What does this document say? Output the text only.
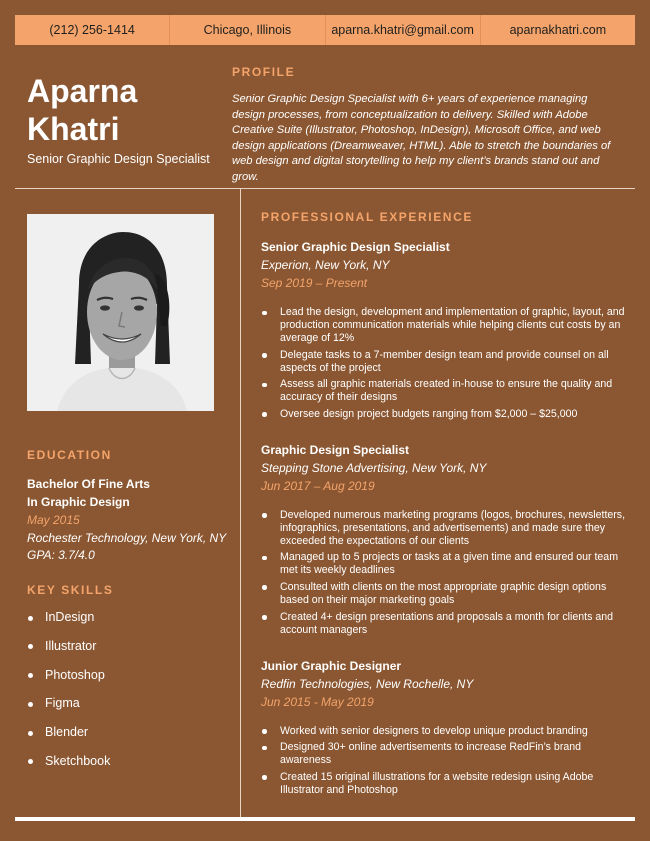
(212) 256-1414	Chicago, Illinois	aparna.khatri@gmail.com	aparnakhatri.com
Aparna
Khatri
Senior Graphic Design Specialist
PROFILE
Senior Graphic Design Specialist with 6+ years of experience managing design processes, from conceptualization to delivery. Skilled with Adobe Creative Suite (Illustrator, Photoshop, InDesign), Microsoft Office, and web design applications (Dreamweaver, HTML). Able to stretch the boundaries of web design and digital storytelling to help my client’s brands stand out and grow.
EDUCATION
Bachelor Of Fine Arts In Graphic Design
May 2015
Rochester Technology, New York, NY
GPA: 3.7/4.0
KEY SKILLS
InDesign
Illustrator
Photoshop
Figma
Blender
Sketchbook
PROFESSIONAL EXPERIENCE
Senior Graphic Design Specialist
Experion, New York, NY
Sep 2019 – Present
Lead the design, development and implementation of graphic, layout, and production communication materials while helping clients cut costs by an average of 12%
Delegate tasks to a 7-member design team and provide counsel on all aspects of the project
Assess all graphic materials created in-house to ensure the quality and accuracy of their designs
Oversee design project budgets ranging from $2,000 – $25,000
Graphic Design Specialist
Stepping Stone Advertising, New York, NY
Jun 2017 – Aug 2019
Developed numerous marketing programs (logos, brochures, newsletters, infographics, presentations, and advertisements) and made sure they exceeded the expectations of our clients
Managed up to 5 projects or tasks at a given time and ensured our team met its weekly deadlines
Consulted with clients on the most appropriate graphic design options based on their major marketing goals
Created 4+ design presentations and proposals a month for clients and account managers
Junior Graphic Designer
Redfin Technologies, New Rochelle, NY
Jun 2015 - May 2019
Worked with senior designers to develop unique product branding
Designed 30+ online advertisements to increase RedFin’s brand awareness
Created 15 original illustrations for a website redesign using Adobe Illustrator and Photoshop
